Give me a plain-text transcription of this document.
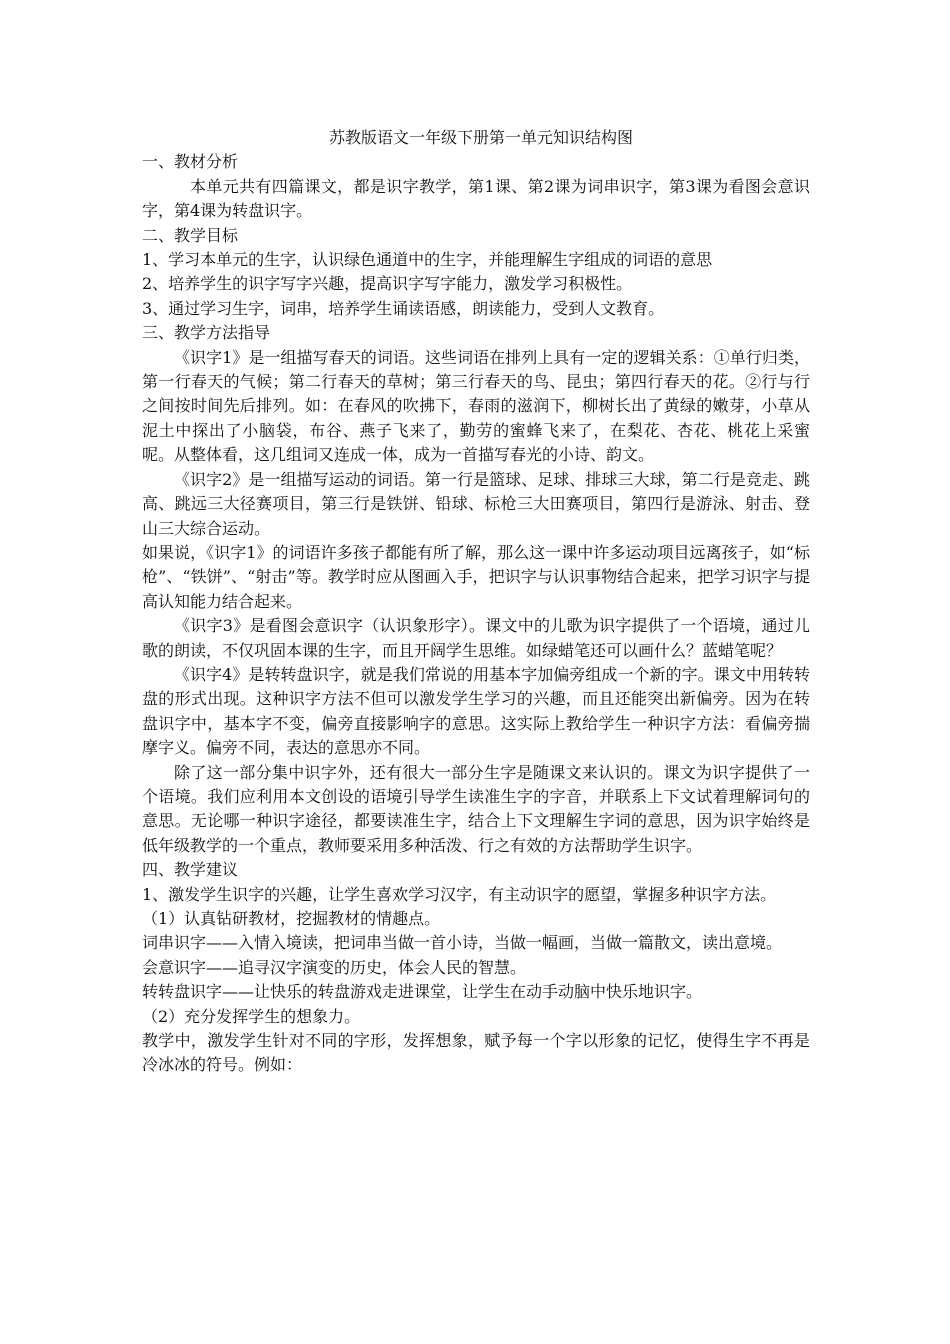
苏教版语文一年级下册第一单元知识结构图

一、教材分析

本单元共有四篇课文，都是识字教学，第1课、第2课为词串识字，第3课为看图会意识字，第4课为转盘识字。

二、教学目标

1、学习本单元的生字，认识绿色通道中的生字，并能理解生字组成的词语的意思

2、培养学生的识字写字兴趣，提高识字写字能力，激发学习积极性。

3、通过学习生字，词串，培养学生诵读语感，朗读能力，受到人文教育。

三、教学方法指导

《识字1》是一组描写春天的词语。这些词语在排列上具有一定的逻辑关系：①单行归类，第一行春天的气候；第二行春天的草树；第三行春天的鸟、昆虫；第四行春天的花。②行与行之间按时间先后排列。如：在春风的吹拂下，春雨的滋润下，柳树长出了黄绿的嫩芽，小草从泥土中探出了小脑袋，布谷、燕子飞来了，勤劳的蜜蜂飞来了，在梨花、杏花、桃花上采蜜呢。从整体看，这几组词又连成一体，成为一首描写春光的小诗、韵文。

《识字2》是一组描写运动的词语。第一行是篮球、足球、排球三大球，第二行是竞走、跳高、跳远三大径赛项目，第三行是铁饼、铅球、标枪三大田赛项目，第四行是游泳、射击、登山三大综合运动。

如果说，《识字1》的词语许多孩子都能有所了解，那么这一课中许多运动项目远离孩子，如“标枪”、“铁饼”、“射击”等。教学时应从图画入手，把识字与认识事物结合起来，把学习识字与提高认知能力结合起来。

《识字3》是看图会意识字（认识象形字）。课文中的儿歌为识字提供了一个语境，通过儿歌的朗读，不仅巩固本课的生字，而且开阔学生思维。如绿蜡笔还可以画什么？蓝蜡笔呢？

《识字4》是转转盘识字，就是我们常说的用基本字加偏旁组成一个新的字。课文中用转转盘的形式出现。这种识字方法不但可以激发学生学习的兴趣，而且还能突出新偏旁。因为在转盘识字中，基本字不变，偏旁直接影响字的意思。这实际上教给学生一种识字方法：看偏旁揣摩字义。偏旁不同，表达的意思亦不同。

除了这一部分集中识字外，还有很大一部分生字是随课文来认识的。课文为识字提供了一个语境。我们应利用本文创设的语境引导学生读准生字的字音，并联系上下文试着理解词句的意思。无论哪一种识字途径，都要读准生字，结合上下文理解生字词的意思，因为识字始终是低年级教学的一个重点，教师要采用多种活泼、行之有效的方法帮助学生识字。

四、教学建议

1、激发学生识字的兴趣，让学生喜欢学习汉字，有主动识字的愿望，掌握多种识字方法。

（1）认真钻研教材，挖掘教材的情趣点。

词串识字——入情入境读，把词串当做一首小诗，当做一幅画，当做一篇散文，读出意境。

会意识字——追寻汉字演变的历史，体会人民的智慧。

转转盘识字——让快乐的转盘游戏走进课堂，让学生在动手动脑中快乐地识字。

（2）充分发挥学生的想象力。

教学中，激发学生针对不同的字形，发挥想象，赋予每一个字以形象的记忆，使得生字不再是冷冰冰的符号。例如：
